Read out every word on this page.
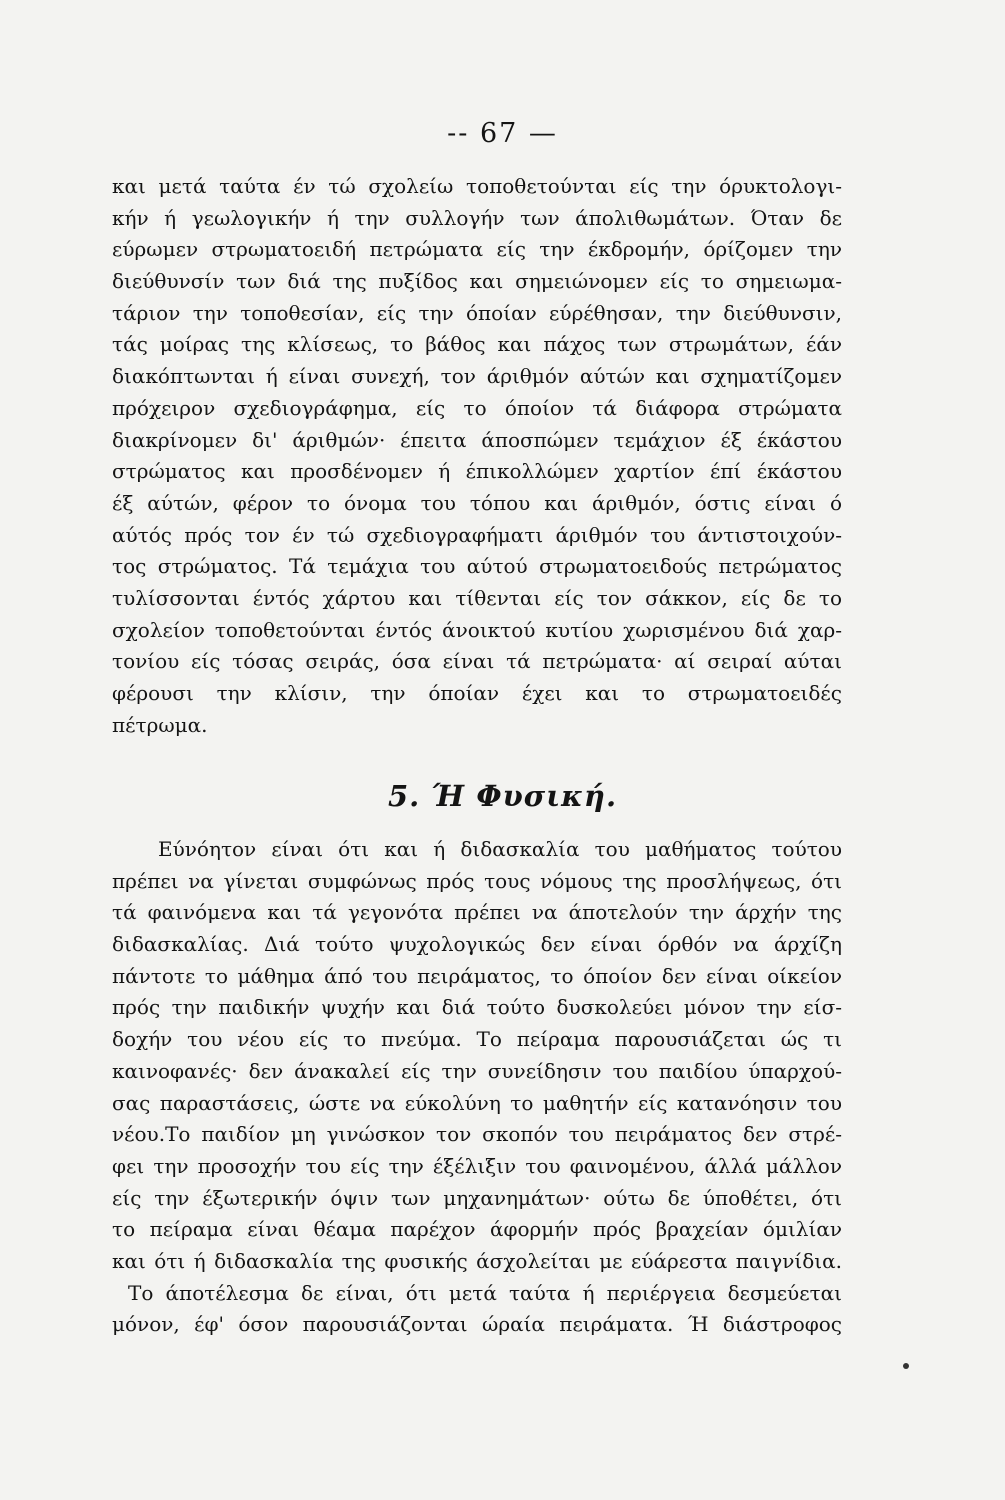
-- 67 —
και μετά ταύτα έν τώ σχολείω τοποθετούνται είς την όρυκτολογι-
κήν ή γεωλογικήν ή την συλλογήν των άπολιθωμάτων. Όταν δε
εύρωμεν στρωματοειδή πετρώματα είς την έκδρομήν, όρίζομεν την
διεύθυνσίν των διά της πυξίδος και σημειώνομεν είς το σημειωμα-
τάριον την τοποθεσίαν, είς την όποίαν εύρέθησαν, την διεύθυνσιν,
τάς μοίρας της κλίσεως, το βάθος και πάχος των στρωμάτων, έάν
διακόπτωνται ή είναι συνεχή, τον άριθμόν αύτών και σχηματίζομεν
πρόχειρον σχεδιογράφημα, είς το όποίον τά διάφορα στρώματα
διακρίνομεν δι' άριθμών· έπειτα άποσπώμεν τεμάχιον έξ έκάστου
στρώματος και προσδένομεν ή έπικολλώμεν χαρτίον έπί έκάστου
έξ αύτών, φέρον το όνομα του τόπου και άριθμόν, όστις είναι ό
αύτός πρός τον έν τώ σχεδιογραφήματι άριθμόν του άντιστοιχούν-
τος στρώματος. Τά τεμάχια του αύτού στρωματοειδούς πετρώματος
τυλίσσονται έντός χάρτου και τίθενται είς τον σάκκον, είς δε το
σχολείον τοποθετούνται έντός άνοικτού κυτίου χωρισμένου διά χαρ-
τονίου είς τόσας σειράς, όσα είναι τά πετρώματα· αί σειραί αύται
φέρουσι την κλίσιν, την όποίαν έχει και το στρωματοειδές
πέτρωμα.
5. Ή Φυσική.
Εύνόητον είναι ότι και ή διδασκαλία του μαθήματος τούτου
πρέπει να γίνεται συμφώνως πρός τους νόμους της προσλήψεως, ότι
τά φαινόμενα και τά γεγονότα πρέπει να άποτελούν την άρχήν της
διδασκαλίας. Διά τούτο ψυχολογικώς δεν είναι όρθόν να άρχίζη
πάντοτε το μάθημα άπό του πειράματος, το όποίον δεν είναι οίκείον
πρός την παιδικήν ψυχήν και διά τούτο δυσκολεύει μόνον την είσ-
δοχήν του νέου είς το πνεύμα. Το πείραμα παρουσιάζεται ώς τι
καινοφανές· δεν άνακαλεί είς την συνείδησιν του παιδίου ύπαρχού-
σας παραστάσεις, ώστε να εύκολύνη το μαθητήν είς κατανόησιν του
νέου.Το παιδίον μη γινώσκον τον σκοπόν του πειράματος δεν στρέ-
φει την προσοχήν του είς την έξέλιξιν του φαινομένου, άλλά μάλλον
είς την έξωτερικήν όψιν των μηχανημάτων· ούτω δε ύποθέτει, ότι
το πείραμα είναι θέαμα παρέχον άφορμήν πρός βραχείαν όμιλίαν
και ότι ή διδασκαλία της φυσικής άσχολείται με εύάρεστα παιγνίδια.
Το άποτέλεσμα δε είναι, ότι μετά ταύτα ή περιέργεια δεσμεύεται
μόνον, έφ' όσον παρουσιάζονται ώραία πειράματα. Ή διάστροφος
